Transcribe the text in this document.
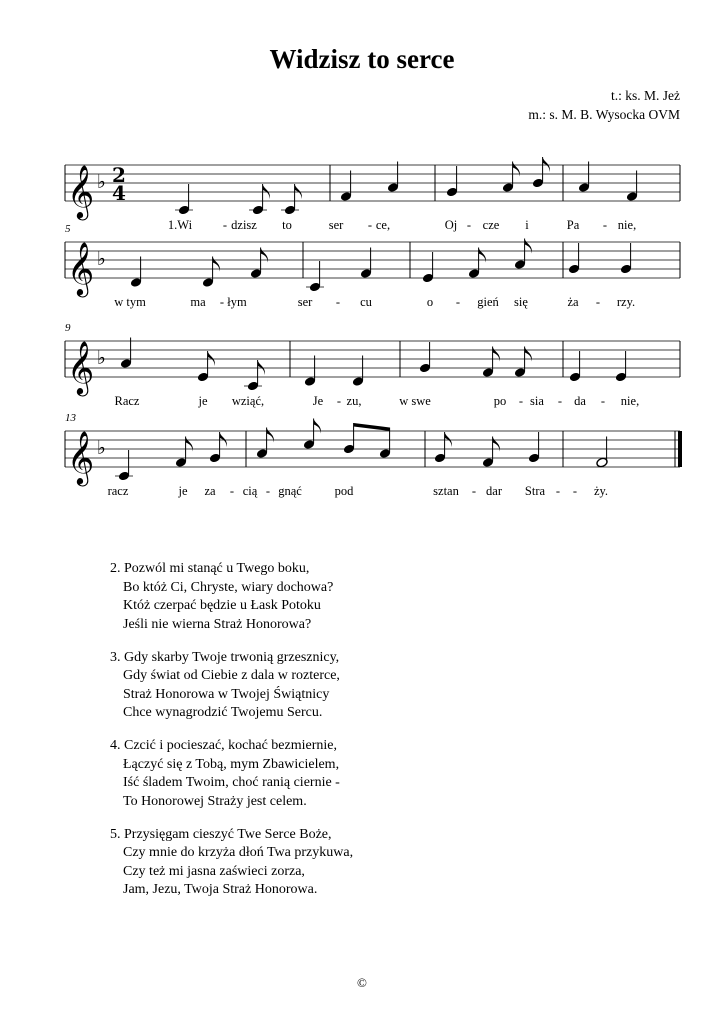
Widzisz to serce
t.: ks. M. Jeż
m.: s. M. B. Wysocka OVM
𝄞 ♭ 2
4
1.Wi - dzisz to	ser - ce,	Oj - cze i	Pa - nie,
𝄞 ♭
5
w tym	ma - łym	ser - cu	o - gień się	ża - rzy.
𝄞 ♭
9
Racz	je wziąć,	Je - zu,	w swe	po - sia - da - nie,
𝄞 ♭
13
racz	je za - cią - gnąć	pod	sztan - dar Stra - - ży.
2. Pozwól mi stanąć u Twego boku,
Bo któż Ci, Chryste, wiary dochowa?
Któż czerpać będzie u Łask Potoku
Jeśli nie wierna Straż Honorowa?
3. Gdy skarby Twoje trwonią grzesznicy,
Gdy świat od Ciebie z dala w rozterce,
Straż Honorowa w Twojej Świątnicy
Chce wynagrodzić Twojemu Sercu.
4. Czcić i pocieszać, kochać bezmiernie,
Łączyć się z Tobą, mym Zbawicielem,
Iść śladem Twoim, choć ranią ciernie -
To Honorowej Straży jest celem.
5. Przysięgam cieszyć Twe Serce Boże,
Czy mnie do krzyża dłoń Twa przykuwa,
Czy też mi jasna zaświeci zorza,
Jam, Jezu, Twoja Straż Honorowa.
©
